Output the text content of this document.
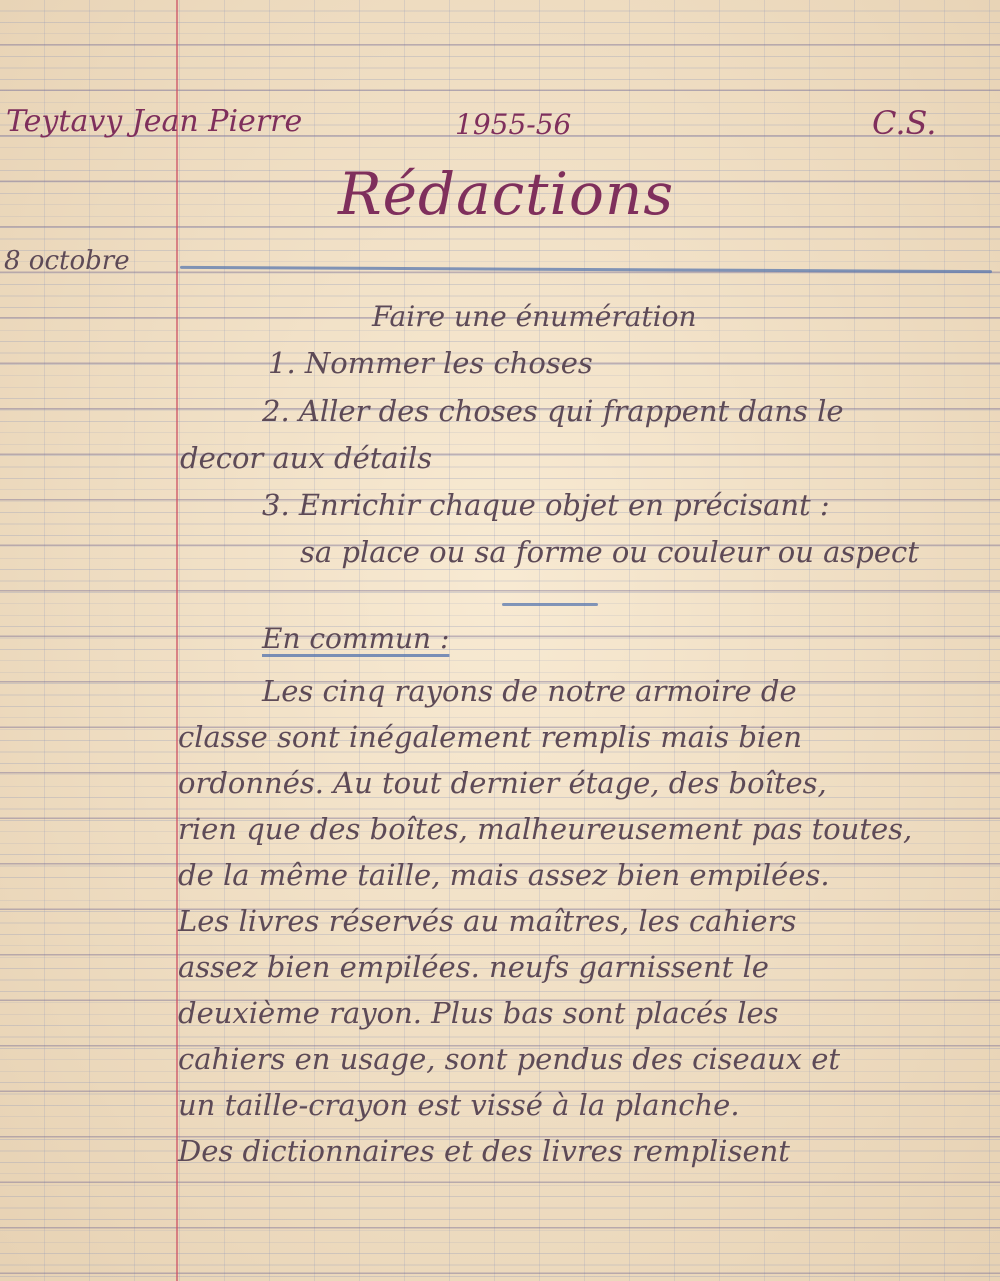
Teytavy Jean Pierre	1955-56	C.S.
Rédactions
8 octobre
Faire une énumération
1. Nommer les choses
2. Aller des choses qui frappent dans le
decor aux détails
3. Enrichir chaque objet en précisant :
sa place ou sa forme ou couleur ou aspect
En commun :
Les cinq rayons de notre armoire de
classe sont inégalement remplis mais bien
ordonnés. Au tout dernier étage, des boîtes,
rien que des boîtes, malheureusement pas toutes,
de la même taille, mais assez bien empilées.
Les livres réservés au maîtres, les cahiers
assez bien empilées. neufs garnissent le
deuxième rayon. Plus bas sont placés les
cahiers en usage, sont pendus des ciseaux et
un taille-crayon est vissé à la planche.
Des dictionnaires et des livres remplisent
